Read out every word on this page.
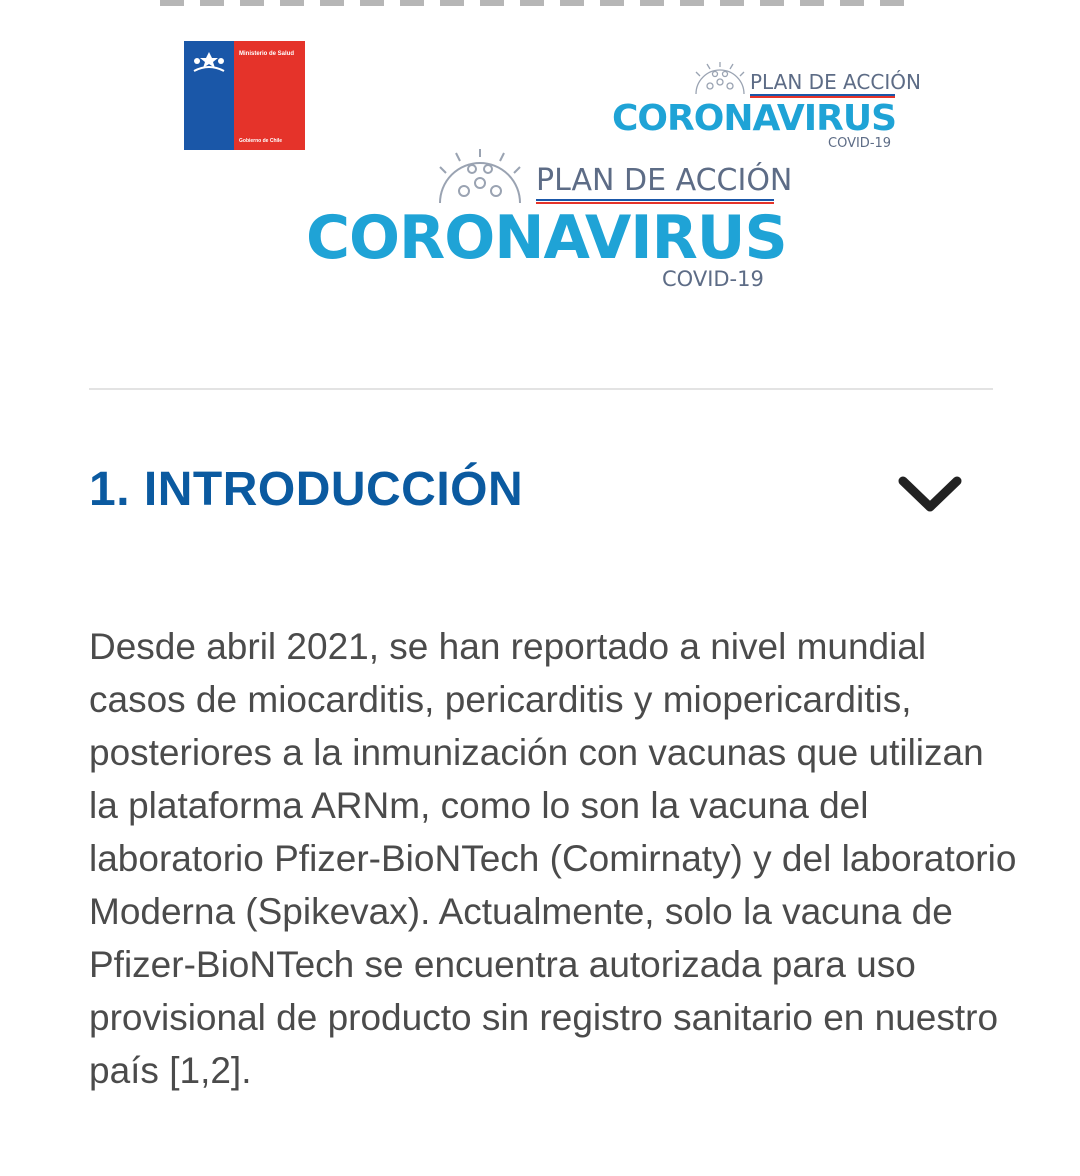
Ministerio de Salud
Gobierno de Chile
PLAN DE ACCIÓN
CORONAVIRUS
COVID-19
PLAN DE ACCIÓN
CORONAVIRUS
COVID-19
1. INTRODUCCIÓN
Desde abril 2021, se han reportado a nivel mundial casos de miocarditis, pericarditis y miopericarditis, posteriores a la inmunización con vacunas que utilizan la plataforma ARNm, como lo son la vacuna del laboratorio Pfizer-BioNTech (Comirnaty) y del laboratorio Moderna (Spikevax). Actualmente, solo la vacuna de Pfizer-BioNTech se encuentra autorizada para uso provisional de producto sin registro sanitario en nuestro país [1,2].
